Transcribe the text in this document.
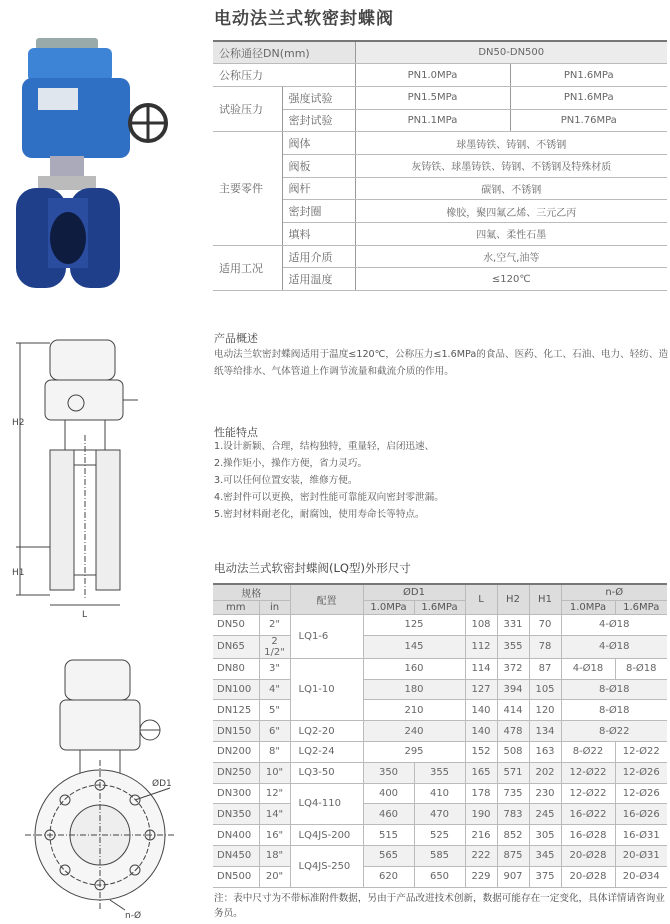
电动法兰式软密封蝶阀
公称通径DN(mm)		DN50-DN500	
公称压力		PN1.0MPa	PN1.6MPa
试验压力	强度试验	PN1.5MPa	PN1.6MPa
	密封试验	PN1.1MPa	PN1.76MPa
主要零件	阀体	球墨铸铁、铸钢、不锈钢	
	阀板	灰铸铁、球墨铸铁、铸钢、不锈钢及特殊材质	
	阀杆	碳钢、不锈钢	
	密封圈	橡胶，聚四氟乙烯、三元乙丙	
	填料	四氟、柔性石墨	
适用工况	适用介质	水,空气,油等	
	适用温度	≤120℃	
产品概述
电动法兰软密封蝶阀适用于温度≤120℃，公称压力≤1.6MPa的食品、医药、化工、石油、电力、轻纺、造纸等给排水、气体管道上作调节流量和截流介质的作用。
性能特点
1.设计新颖、合理，结构独特，重量轻，启闭迅速、
2.操作矩小，操作方便，省力灵巧。
3.可以任何位置安装，维修方便。
4.密封件可以更换，密封性能可靠能双向密封零泄漏。
5.密封材料耐老化，耐腐蚀，使用寿命长等特点。
H2
H1
L
ØD1
n-Ø
电动法兰式软密封蝶阀(LQ型)外形尺寸
规格		配置	ØD1		L	H2	H1	n-Ø	
mm	in		1.0MPa	1.6MPa				1.0MPa	1.6MPa
DN50	2"	LQ1-6	125		108	331	70	4-Ø18	
DN65	2 1/2"		145		112	355	78	4-Ø18	
DN80	3"	LQ1-10	160		114	372	87	4-Ø18	8-Ø18
DN100	4"		180		127	394	105	8-Ø18	
DN125	5"		210		140	414	120	8-Ø18	
DN150	6"	LQ2-20	240		140	478	134	8-Ø22	
DN200	8"	LQ2-24	295		152	508	163	8-Ø22	12-Ø22
DN250	10"	LQ3-50	350	355	165	571	202	12-Ø22	12-Ø26
DN300	12"	LQ4-110	400	410	178	735	230	12-Ø22	12-Ø26
DN350	14"		460	470	190	783	245	16-Ø22	16-Ø26
DN400	16"	LQ4JS-200	515	525	216	852	305	16-Ø28	16-Ø31
DN450	18"	LQ4JS-250	565	585	222	875	345	20-Ø28	20-Ø31
DN500	20"		620	650	229	907	375	20-Ø28	20-Ø34
注：表中尺寸为不带标准附件数据，另由于产品改进技术创新，数据可能存在一定变化，具体详情请咨询业务员。
